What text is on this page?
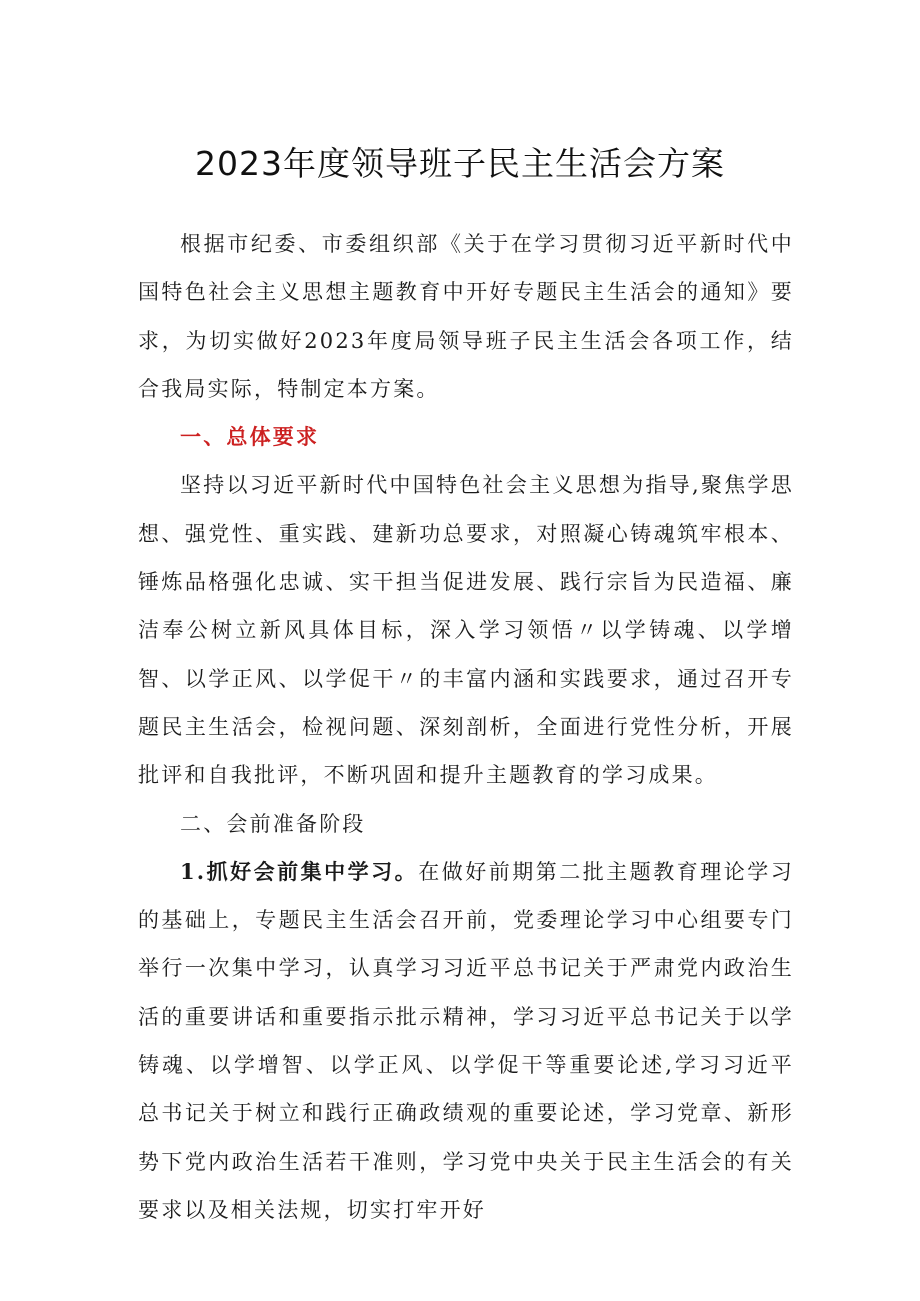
2023年度领导班子民主生活会方案

根据市纪委、市委组织部《关于在学习贯彻习近平新时代中国特色社会主义思想主题教育中开好专题民主生活会的通知》要求，为切实做好2023年度局领导班子民主生活会各项工作，结合我局实际，特制定本方案。

一、总体要求

坚持以习近平新时代中国特色社会主义思想为指导,聚焦学思想、强党性、重实践、建新功总要求，对照凝心铸魂筑牢根本、锤炼品格强化忠诚、实干担当促进发展、践行宗旨为民造福、廉洁奉公树立新风具体目标，深入学习领悟〃以学铸魂、以学增智、以学正风、以学促干〃的丰富内涵和实践要求，通过召开专题民主生活会，检视问题、深刻剖析，全面进行党性分析，开展批评和自我批评，不断巩固和提升主题教育的学习成果。

二、会前准备阶段

1.抓好会前集中学习。在做好前期第二批主题教育理论学习的基础上，专题民主生活会召开前，党委理论学习中心组要专门举行一次集中学习，认真学习习近平总书记关于严肃党内政治生活的重要讲话和重要指示批示精神，学习习近平总书记关于以学铸魂、以学增智、以学正风、以学促干等重要论述,学习习近平总书记关于树立和践行正确政绩观的重要论述，学习党章、新形势下党内政治生活若干准则，学习党中央关于民主生活会的有关要求以及相关法规，切实打牢开好
